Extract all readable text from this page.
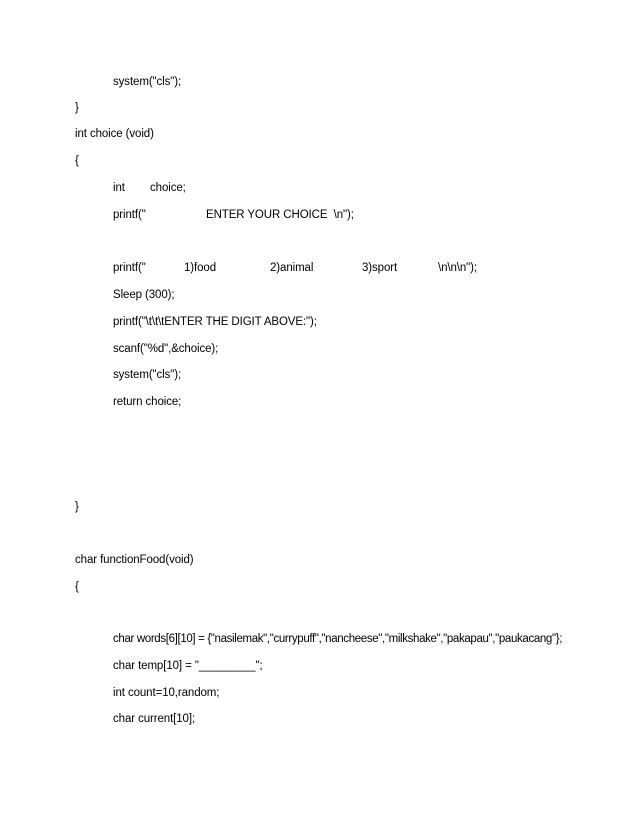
system("cls");
}
int choice (void)
{
int choice;
printf("	ENTER YOUR CHOICE  \n");
printf("	1)food	2)animal	3)sport	\n\n\n");
Sleep (300);
printf("\t\t\tENTER THE DIGIT ABOVE:");
scanf("%d",&choice);
system("cls");
return choice;
}
char functionFood(void)
{
char words[6][10] = {"nasilemak","currypuff","nancheese","milkshake","pakapau","paukacang"};
char temp[10] = "_________";
int count=10,random;
char current[10];
